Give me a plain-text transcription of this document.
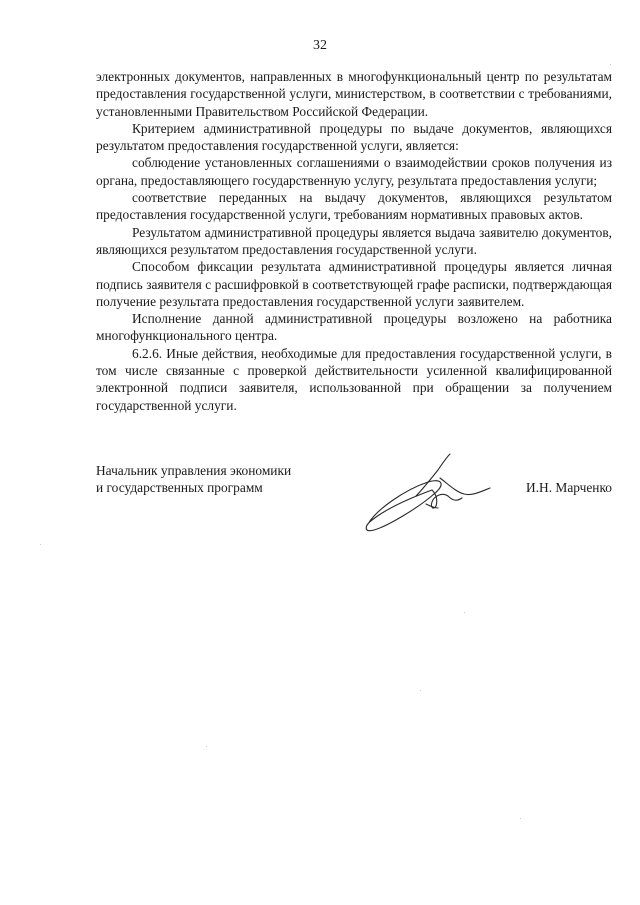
32

электронных документов, направленных в многофункциональный центр по результатам предоставления государственной услуги, министерством, в соответствии с требованиями, установленными Правительством Российской Федерации.

Критерием административной процедуры по выдаче документов, являющихся результатом предоставления государственной услуги, является:

соблюдение установленных соглашениями о взаимодействии сроков получения из органа, предоставляющего государственную услугу, результата предоставления услуги;

соответствие переданных на выдачу документов, являющихся результатом предоставления государственной услуги, требованиям нормативных правовых актов.

Результатом административной процедуры является выдача заявителю документов, являющихся результатом предоставления государственной услуги.

Способом фиксации результата административной процедуры является личная подпись заявителя с расшифровкой в соответствующей графе расписки, подтверждающая получение результата предоставления государственной услуги заявителем.

Исполнение данной административной процедуры возложено на работника многофункционального центра.

6.2.6. Иные действия, необходимые для предоставления государственной услуги, в том числе связанные с проверкой действительности усиленной квалифицированной электронной подписи заявителя, использованной при обращении за получением государственной услуги.

Начальник управления экономики
и государственных программ	И.Н. Марченко
